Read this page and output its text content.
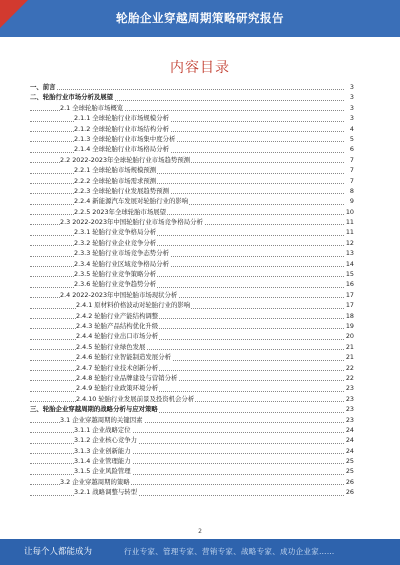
轮胎企业穿越周期策略研究报告
内容目录
一、前言	3
二、轮胎行业市场分析及展望	3
2.1 全球轮胎市场概览	3
2.1.1 全球轮胎行业市场规模分析	3
2.1.2 全球轮胎行业市场结构分析	4
2.1.3 全球轮胎行业市场集中度分析	5
2.1.4 全球轮胎行业市场格局分析	6
2.2 2022-2023年全球轮胎行业市场趋势预测	7
2.2.1 全球轮胎市场规模预测	7
2.2.2 全球轮胎市场需求预测	7
2.2.3 全球轮胎行业发展趋势预测	8
2.2.4 新能源汽车发展对轮胎行业的影响	9
2.2.5 2023年全球轮胎市场展望	10
2.3 2022-2023年中国轮胎行业市场竞争格局分析	11
2.3.1 轮胎行业竞争格局分析	11
2.3.2 轮胎行业企业竞争分析	12
2.3.3 轮胎行业市场竞争态势分析	13
2.3.4 轮胎行业区域竞争格局分析	14
2.3.5 轮胎行业竞争策略分析	15
2.3.6 轮胎行业竞争趋势分析	16
2.4 2022-2023年中国轮胎市场现状分析	17
2.4.1 原材料价格波动对轮胎行业的影响	17
2.4.2 轮胎行业产能结构调整	18
2.4.3 轮胎产品结构优化升级	19
2.4.4 轮胎行业出口市场分析	20
2.4.5 轮胎行业绿色发展	21
2.4.6 轮胎行业智能制造发展分析	21
2.4.7 轮胎行业技术创新分析	22
2.4.8 轮胎行业品牌建设与营销分析	22
2.4.9 轮胎行业政策环境分析	23
2.4.10 轮胎行业发展前景及投资机会分析	23
三、轮胎企业穿越周期的战略分析与应对策略	23
3.1 企业穿越周期的关键因素	23
3.1.1 企业战略定位	24
3.1.2 企业核心竞争力	24
3.1.3 企业创新能力	24
3.1.4 企业管理能力	25
3.1.5 企业风险管理	25
3.2 企业穿越周期的策略	26
3.2.1 战略调整与转型	26
2
让每个人都能成为	行业专家、管理专家、营销专家、战略专家、成功企业家……
